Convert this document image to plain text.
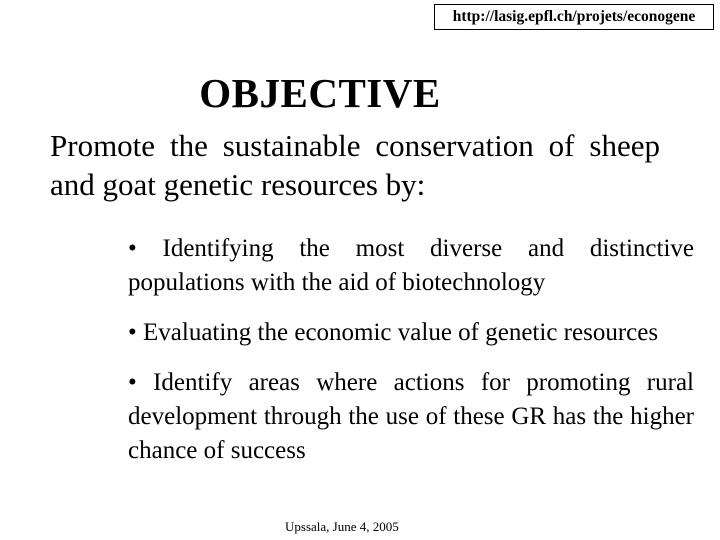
http://lasig.epfl.ch/projets/econogene
OBJECTIVE
Promote the sustainable conservation of sheep and goat genetic resources by:
• Identifying the most diverse and distinctive populations with the aid of biotechnology
• Evaluating the economic value of genetic resources
• Identify areas where actions for promoting rural development through the use of these GR has the higher chance of success
Upssala, June 4, 2005
